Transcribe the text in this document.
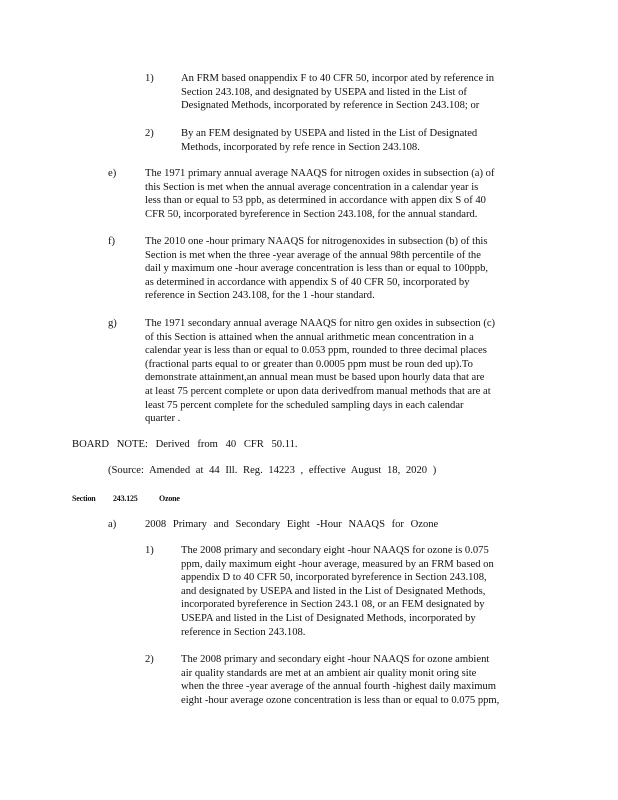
1)	An FRM based onappendix F to 40 CFR 50, incorpor ated by reference in
Section 243.108, and designated by USEPA and listed in the List of
Designated Methods, incorporated by reference in Section 243.108; or
2)	By an FEM designated by USEPA and listed in the List of Designated
Methods, incorporated by refe rence in Section 243.108.
e)	The 1971 primary annual average NAAQS for nitrogen oxides in subsection (a) of
this Section is met when the annual average concentration in a calendar year is
less than or equal to 53 ppb, as determined in accordance with appen dix S of 40
CFR 50, incorporated byreference in Section 243.108, for the annual standard.
f)	The 2010 one -hour primary NAAQS for nitrogenoxides in subsection (b) of this
Section is met when the three -year average of the annual 98th percentile of the
dail y maximum one -hour average concentration is less than or equal to 100ppb,
as determined in accordance with appendix S of 40 CFR 50, incorporated by
reference in Section 243.108, for the 1 -hour standard.
g)	The 1971 secondary annual average NAAQS for nitro gen oxides in subsection (c)
of this Section is attained when the annual arithmetic mean concentration in a
calendar year is less than or equal to 0.053 ppm, rounded to three decimal places
(fractional parts equal to or greater than 0.0005 ppm must be roun ded up).To
demonstrate attainment,an annual mean must be based upon hourly data that are
at least 75 percent complete or upon data derivedfrom manual methods that are at
least 75 percent complete for the scheduled sampling days in each calendar
quarter .
BOARD NOTE: Derived from 40 CFR 50.11.
(Source: Amended at 44 Ill. Reg. 14223 , effective August 18, 2020 )
Section 243.125	Ozone
a)	2008 Primary and Secondary Eight -Hour NAAQS for Ozone
1)	The 2008 primary and secondary eight -hour NAAQS for ozone is 0.075
ppm, daily maximum eight -hour average, measured by an FRM based on
appendix D to 40 CFR 50, incorporated byreference in Section 243.108,
and designated by USEPA and listed in the List of Designated Methods,
incorporated byreference in Section 243.1 08, or an FEM designated by
USEPA and listed in the List of Designated Methods, incorporated by
reference in Section 243.108.
2)	The 2008 primary and secondary eight -hour NAAQS for ozone ambient
air quality standards are met at an ambient air quality monit oring site
when the three -year average of the annual fourth -highest daily maximum
eight -hour average ozone concentration is less than or equal to 0.075 ppm,
